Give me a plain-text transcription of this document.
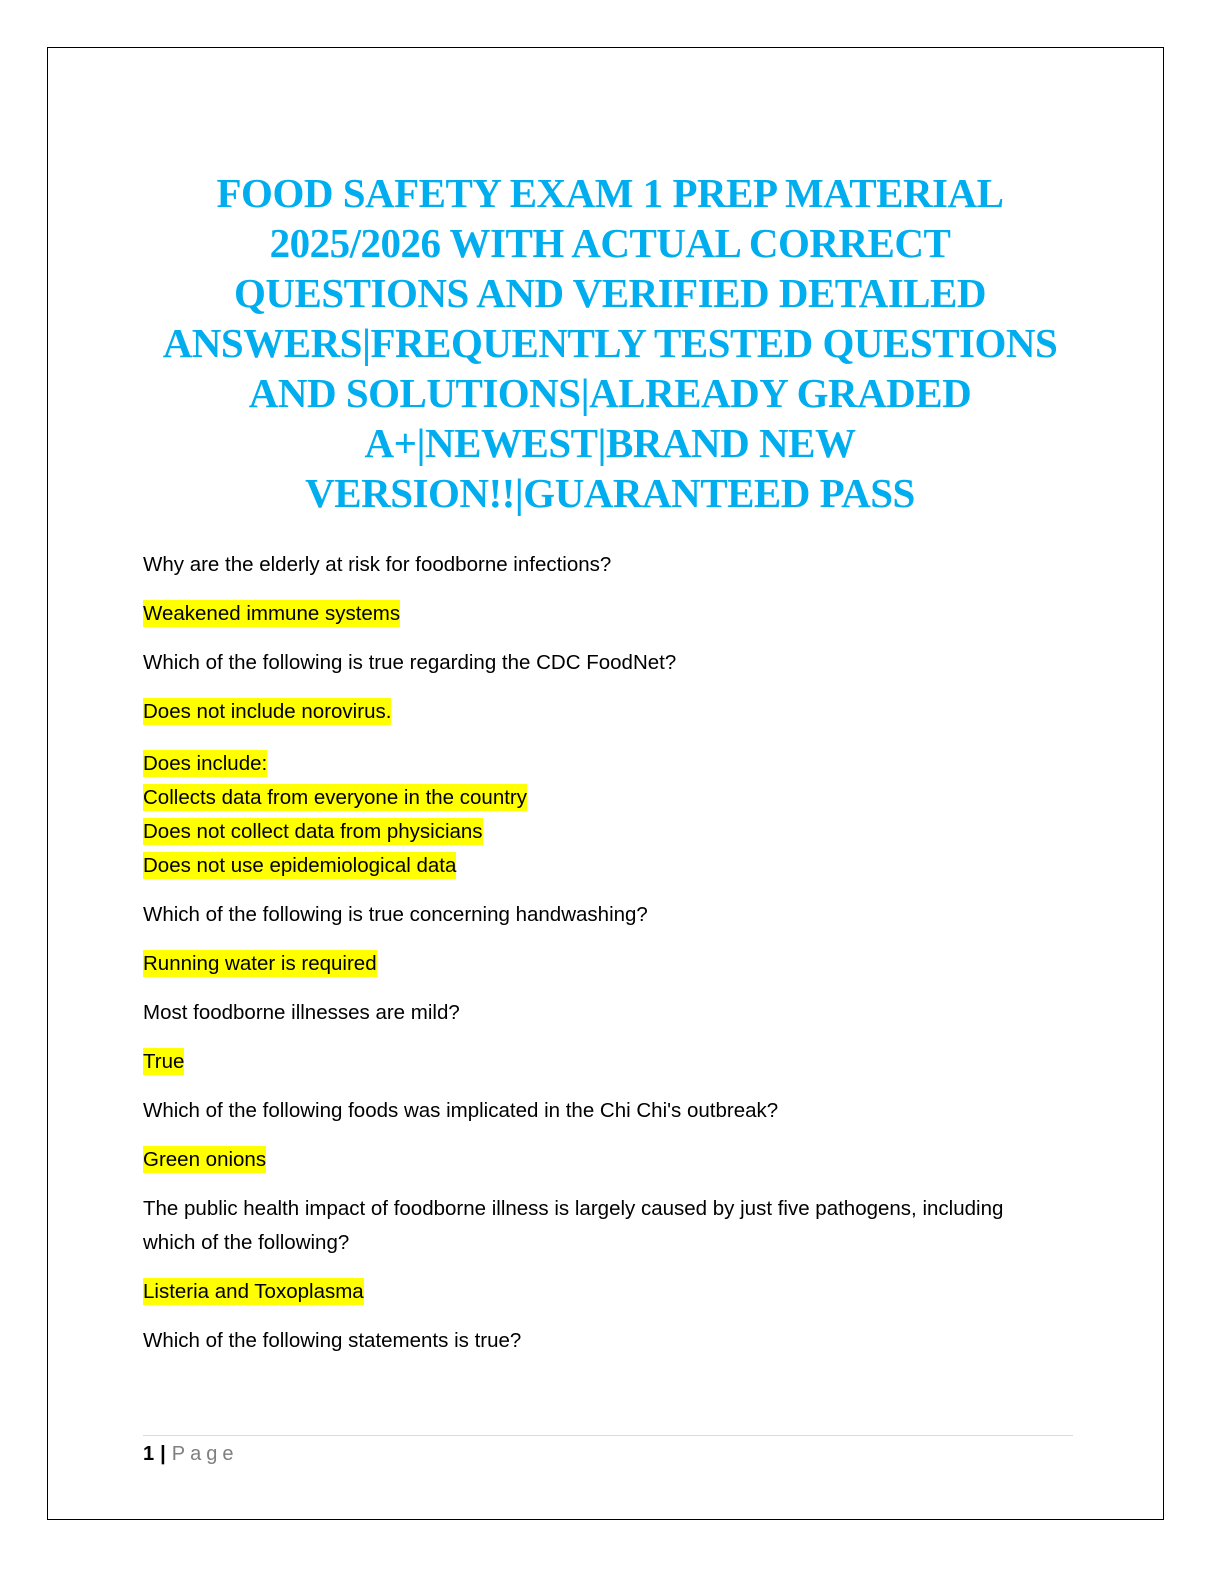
FOOD SAFETY EXAM 1 PREP MATERIAL 2025/2026 WITH ACTUAL CORRECT QUESTIONS AND VERIFIED DETAILED ANSWERS|FREQUENTLY TESTED QUESTIONS AND SOLUTIONS|ALREADY GRADED A+|NEWEST|BRAND NEW VERSION!!|GUARANTEED PASS

Why are the elderly at risk for foodborne infections?

Weakened immune systems

Which of the following is true regarding the CDC FoodNet?

Does not include norovirus.

Does include:
Collects data from everyone in the country
Does not collect data from physicians
Does not use epidemiological data

Which of the following is true concerning handwashing?

Running water is required

Most foodborne illnesses are mild?

True

Which of the following foods was implicated in the Chi Chi's outbreak?

Green onions

The public health impact of foodborne illness is largely caused by just five pathogens, including
which of the following?

Listeria and Toxoplasma

Which of the following statements is true?

1 | Page
